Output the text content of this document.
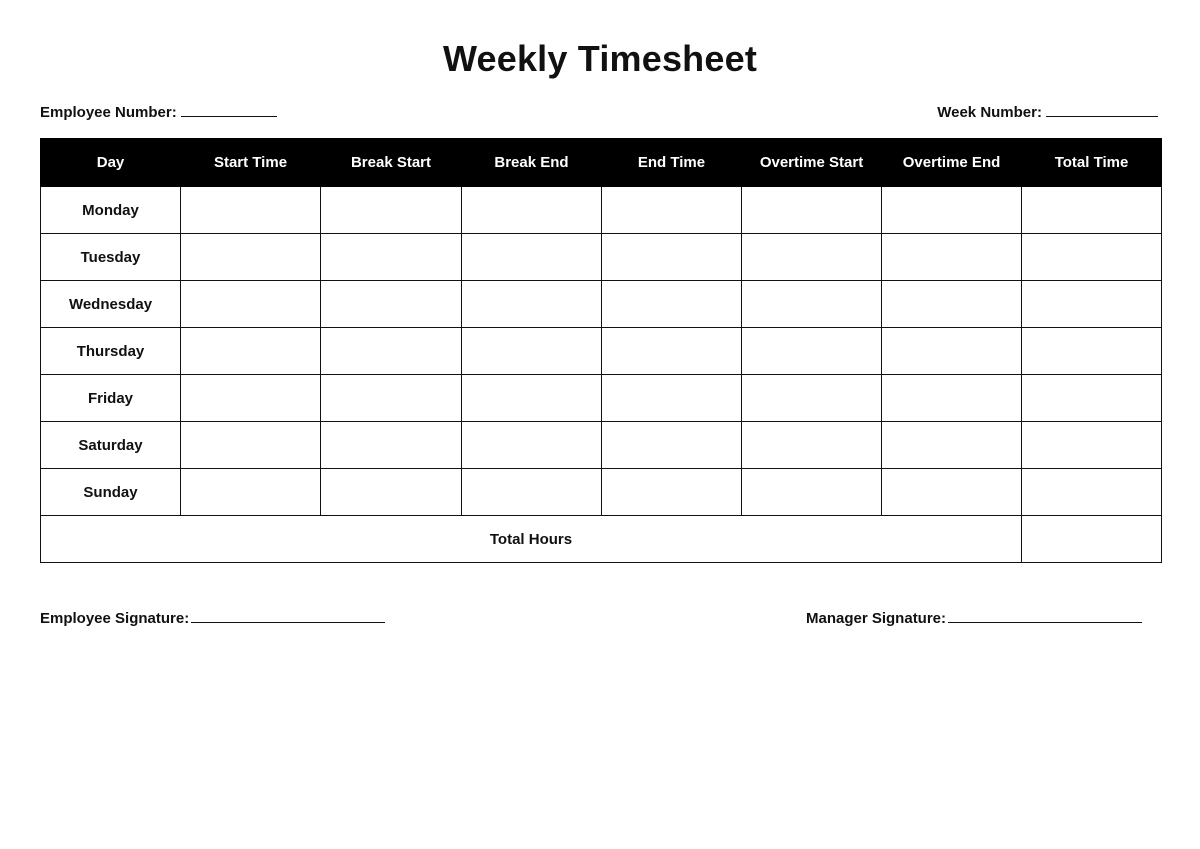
Weekly Timesheet
Employee Number:	Week Number:
Day	Start Time	Break Start	Break End	End Time	Overtime Start	Overtime End	Total Time
Monday							
Tuesday							
Wednesday							
Thursday							
Friday							
Saturday							
Sunday							
Total Hours							
Employee Signature:	Manager Signature:
